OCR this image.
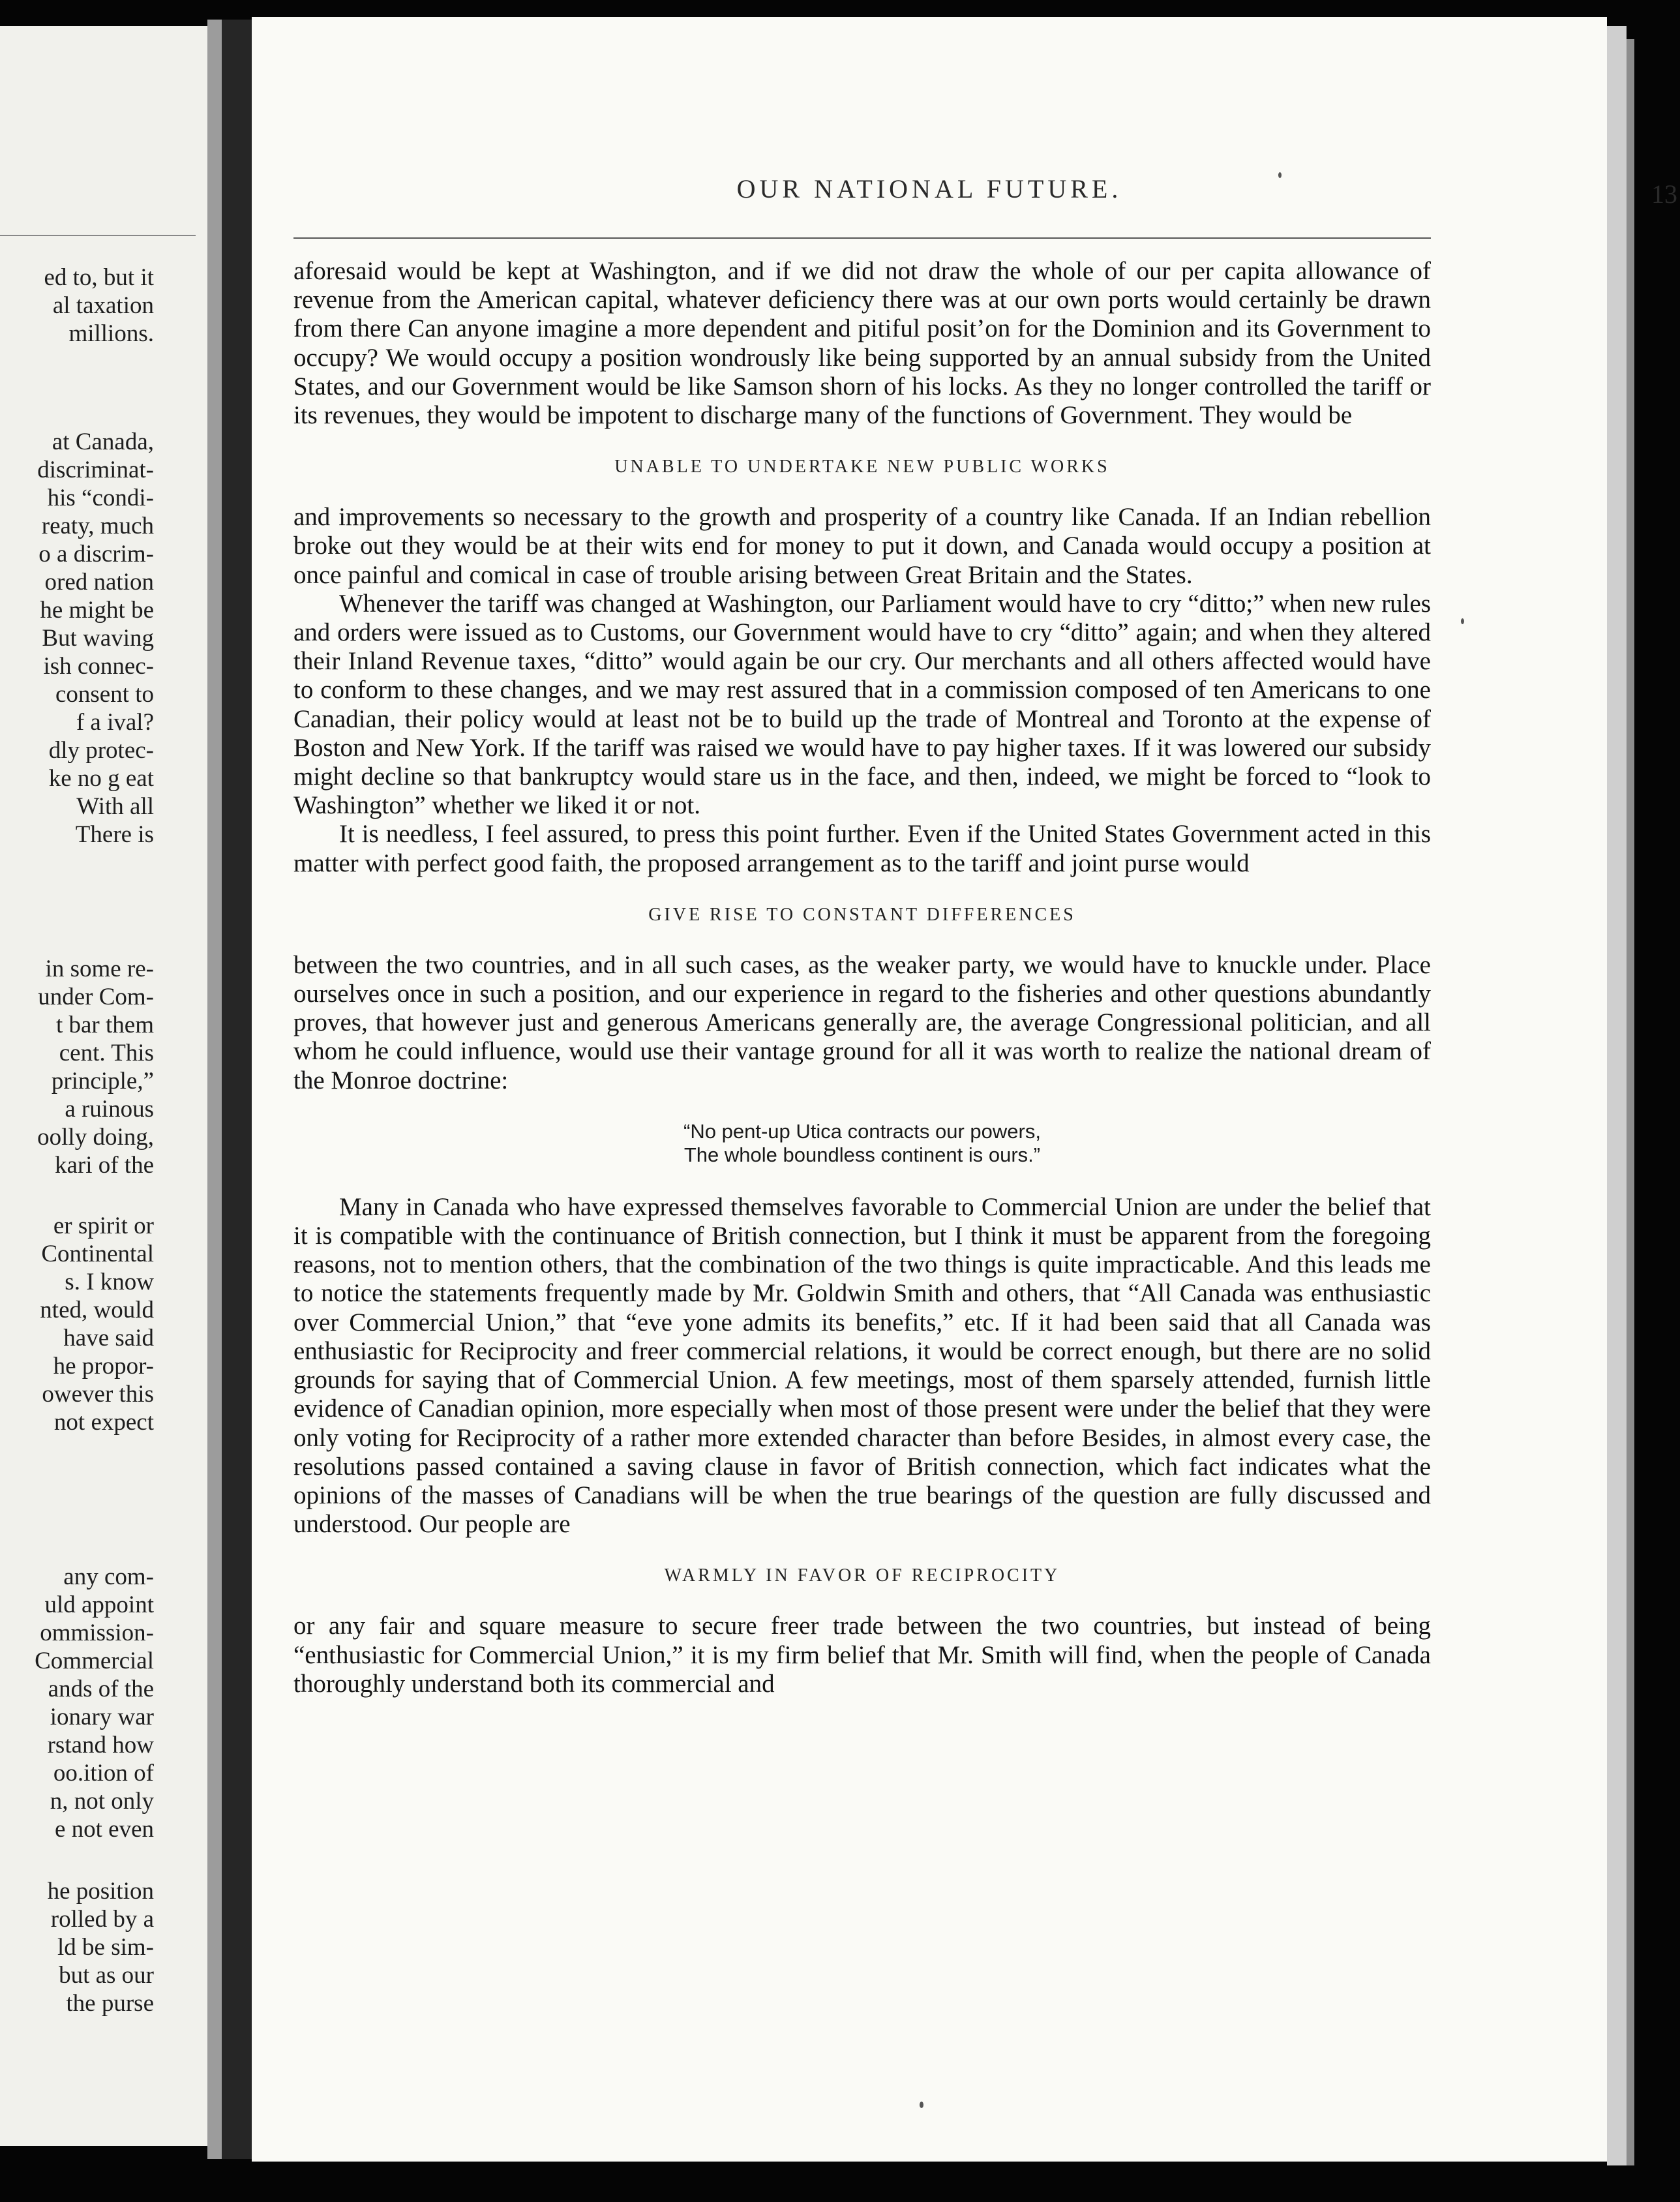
ed to, but it
al taxation
millions.
at Canada,
discriminat-
his “condi-
reaty, much
o a discrim-
ored nation
he might be
But waving
ish connec-
consent to
f a ival?
dly protec-
ke no g eat
With all
There is
in some re-
under Com-
t bar them
cent. This
principle,”
a ruinous
oolly doing,
kari of the
er spirit or
Continental
s. I know
nted, would
have said
he propor-
owever this
not expect
any com-
uld appoint
ommission-
Commercial
ands of the
ionary war
rstand how
oo.ition of
n, not only
e not even
he position
rolled by a
ld be sim-
but as our
the purse
OUR NATIONAL FUTURE.	13

aforesaid would be kept at Washington, and if we did not draw the whole of our per capita allowance of revenue from the American capital, whatever deficiency there was at our own ports would certainly be drawn from there Can anyone imagine a more dependent and pitiful posit’on for the Dominion and its Government to occupy? We would occupy a position wondrously like being supported by an annual subsidy from the United States, and our Government would be like Samson shorn of his locks. As they no longer controlled the tariff or its revenues, they would be impotent to discharge many of the functions of Government. They would be

UNABLE TO UNDERTAKE NEW PUBLIC WORKS

and improvements so necessary to the growth and prosperity of a country like Canada. If an Indian rebellion broke out they would be at their wits end for money to put it down, and Canada would occupy a position at once painful and comical in case of trouble arising between Great Britain and the States.

Whenever the tariff was changed at Washington, our Parliament would have to cry “ditto;” when new rules and orders were issued as to Customs, our Government would have to cry “ditto” again; and when they altered their Inland Revenue taxes, “ditto” would again be our cry. Our merchants and all others affected would have to conform to these changes, and we may rest assured that in a commission composed of ten Americans to one Canadian, their policy would at least not be to build up the trade of Montreal and Toronto at the expense of Boston and New York. If the tariff was raised we would have to pay higher taxes. If it was lowered our subsidy might decline so that bankruptcy would stare us in the face, and then, indeed, we might be forced to “look to Washington” whether we liked it or not.

It is needless, I feel assured, to press this point further. Even if the United States Government acted in this matter with perfect good faith, the proposed arrangement as to the tariff and joint purse would

GIVE RISE TO CONSTANT DIFFERENCES

between the two countries, and in all such cases, as the weaker party, we would have to knuckle under. Place ourselves once in such a position, and our experience in regard to the fisheries and other questions abundantly proves, that however just and generous Americans generally are, the average Congressional politician, and all whom he could influence, would use their vantage ground for all it was worth to realize the national dream of the Monroe doctrine:

“No pent-up Utica contracts our powers,
The whole boundless continent is ours.”

Many in Canada who have expressed themselves favorable to Commercial Union are under the belief that it is compatible with the continuance of British connection, but I think it must be apparent from the foregoing reasons, not to mention others, that the combination of the two things is quite impracticable. And this leads me to notice the statements frequently made by Mr. Goldwin Smith and others, that “All Canada was enthusiastic over Commercial Union,” that “eve yone admits its benefits,” etc. If it had been said that all Canada was enthusiastic for Reciprocity and freer commercial relations, it would be correct enough, but there are no solid grounds for saying that of Commercial Union. A few meetings, most of them sparsely attended, furnish little evidence of Canadian opinion, more especially when most of those present were under the belief that they were only voting for Reciprocity of a rather more extended character than before Besides, in almost every case, the resolutions passed contained a saving clause in favor of British connection, which fact indicates what the opinions of the masses of Canadians will be when the true bearings of the question are fully discussed and understood. Our people are

WARMLY IN FAVOR OF RECIPROCITY

or any fair and square measure to secure freer trade between the two countries, but instead of being “enthusiastic for Commercial Union,” it is my firm belief that Mr. Smith will find, when the people of Canada thoroughly understand both its commercial and
